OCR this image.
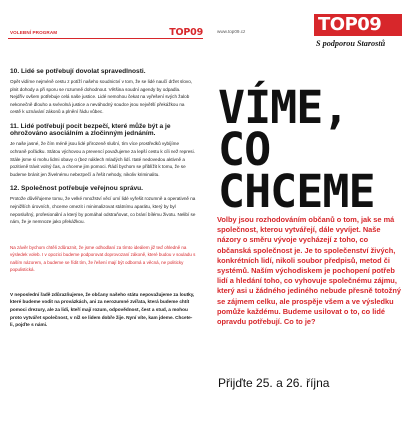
VOLEBNÍ PROGRAM	TOP09

10. Lidé se potřebují dovolat spravedlnosti.

Opět vidíme nejméně cestu z potíží našeho soudnictví v tom, že se lidé naučí držet slovo, plnit dohody a při sporu se rozumně dohodnout. Většina soudní agendy by odpadla. Nejdřív ovšem potřebuje celá naše justice. Lidé nemohou čekat na vyřešení svých žalob nekonečně dlouho a svévolná justice a neváhodný soudce jsou největší překážkou na cestě k uznávání zákonů a plnění řádu vůbec.

11. Lidé potřebují pocit bezpečí, které může být a je ohrožováno asociálním a zločinným jednáním.

Je naše jasné, že čím méně jsou lidé přirozeně slušní, tím více prostředků vybíjíme ochraně pořádku. Státou výchovou a prevencí považujeme za lepší cestu k cíli než represi. Stále jsme si mohu lidmi obavy o (bez náklech mladých lidí. Itaté nedovedou aktivně a pozitivně trávit volný čas, a chceme jim pomoci. Řádí bychom se přiblížit k tomu, že se budeme bránit jen živelnému nebezpečí a řešit nehody, nikoliv kriminalitu.

12. Společnost potřebuje veřejnou správu.

Protože důvěřujeme tomu, že velké množství věcí umí lidé vyřešit rozumně a operativně na nejnižších úrovních, chceme omezit i minimalizovat státnímu aparátu, který by byl neposlušný, profesionální a který by pomáhal odstraňovat, co brání bílému životu. Nelibí se nám, že je nemnoze jako překážkou.

Na závěr bychom chtěli zdůraznit, že jsme odhodlaní za tímto ideálem již teď ohledně na výsledek voleb. I v opozici budeme podporovat doprovozaní zákoně, které budou v souladu s naším názorem, a budeme se řídit tím, že řešení mají být odborná a věcná, ne politicky populistická.

V neposlední řadě zdůrazňujeme, že občany našeho státu nepovažujeme za loutky, které budeme vodit na provázkách, ani za nerozumné zvířata, která budeme chtít pomoci drezury, ale za lidi, kteří mají rozum, odpovědnost, čest a stud, a mohou proto vytvářet společnost, v níž se lidem dobře žije. Nyní víte, kam jdeme. Chcete-li, pojďte s námi.

www.top09.cz	TOP09
S podporou Starostů
VÍME,
CO
CHCEME

Volby jsou rozhodováním občanů o tom, jak se má společnost, kterou vytvářejí, dále vyvíjet. Naše názory o směru vývoje vycházejí z toho, co občanská společnost je. Je to společenství živých, konkrétních lidí, nikoli soubor předpisů, metod či systémů. Naším východiskem je pochopení potřeb lidí a hledání toho, co vyhovuje společnému zájmu, který asi u žádného jediného nebude přesně totožný se zájmem celku, ale prospěje všem a ve výsledku pomůže každému. Budeme usilovat o to, co lidé opravdu potřebují. Co to je?

Přijďte 25. a 26. října
